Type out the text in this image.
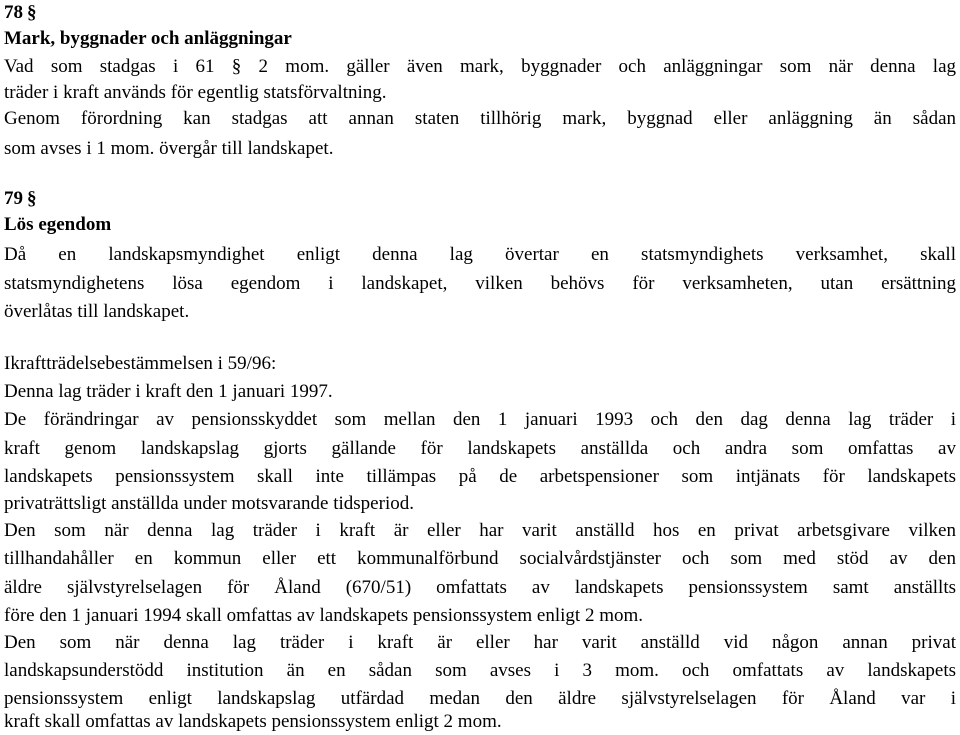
78 §
Mark, byggnader och anläggningar
Vad som stadgas i 61 § 2 mom. gäller även mark, byggnader och anläggningar som när denna lag
träder i kraft används för egentlig statsförvaltning.
Genom förordning kan stadgas att annan staten tillhörig mark, byggnad eller anläggning än sådan
som avses i 1 mom. övergår till landskapet.
79 §
Lös egendom
Då en landskapsmyndighet enligt denna lag övertar en statsmyndighets verksamhet, skall
statsmyndighetens lösa egendom i landskapet, vilken behövs för verksamheten, utan ersättning
överlåtas till landskapet.
Ikraftträdelsebestämmelsen i 59/96:
Denna lag träder i kraft den 1 januari 1997.
De förändringar av pensionsskyddet som mellan den 1 januari 1993 och den dag denna lag träder i
kraft genom landskapslag gjorts gällande för landskapets anställda och andra som omfattas av
landskapets pensionssystem skall inte tillämpas på de arbetspensioner som intjänats för landskapets
privaträttsligt anställda under motsvarande tidsperiod.
Den som när denna lag träder i kraft är eller har varit anställd hos en privat arbetsgivare vilken
tillhandahåller en kommun eller ett kommunalförbund socialvårdstjänster och som med stöd av den
äldre självstyrelselagen för Åland (670/51) omfattats av landskapets pensionssystem samt anställts
före den 1 januari 1994 skall omfattas av landskapets pensionssystem enligt 2 mom.
Den som när denna lag träder i kraft är eller har varit anställd vid någon annan privat
landskapsunderstödd institution än en sådan som avses i 3 mom. och omfattats av landskapets
pensionssystem enligt landskapslag utfärdad medan den äldre självstyrelselagen för Åland var i
kraft skall omfattas av landskapets pensionssystem enligt 2 mom.
